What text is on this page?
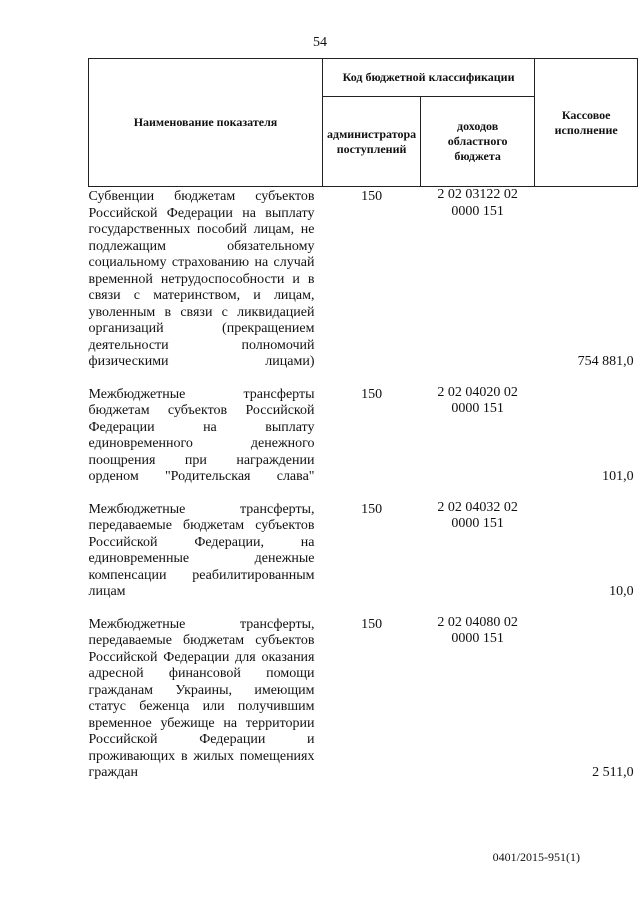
54
Наименование показателя	Код бюджетной классификации		Кассовое исполнение
	администратора поступлений	доходов областного бюджета	
Субвенции бюджетам субъектов Российской Федерации на выплату государственных пособий лицам, не подлежащим обязательному социальному страхованию на случай временной нетрудоспособности и в связи с материнством, и лицам, уволенным в связи с ликвидацией организаций (прекращением деятельности полномочий физическими лицами)	150	2 02 03122 02 0000 151	754 881,0
Межбюджетные трансферты бюджетам субъектов Российской Федерации на выплату единовременного денежного поощрения при награждении орденом "Родительская слава"	150	2 02 04020 02 0000 151	101,0
Межбюджетные трансферты, передаваемые бюджетам субъектов Российской Федерации, на единовременные денежные компенсации реабилитированным лицам	150	2 02 04032 02 0000 151	10,0
Межбюджетные трансферты, передаваемые бюджетам субъектов Российской Федерации для оказания адресной финансовой помощи гражданам Украины, имеющим статус беженца или получившим временное убежище на территории Российской Федерации и проживающих в жилых помещениях граждан	150	2 02 04080 02 0000 151	2 511,0
0401/2015-951(1)
